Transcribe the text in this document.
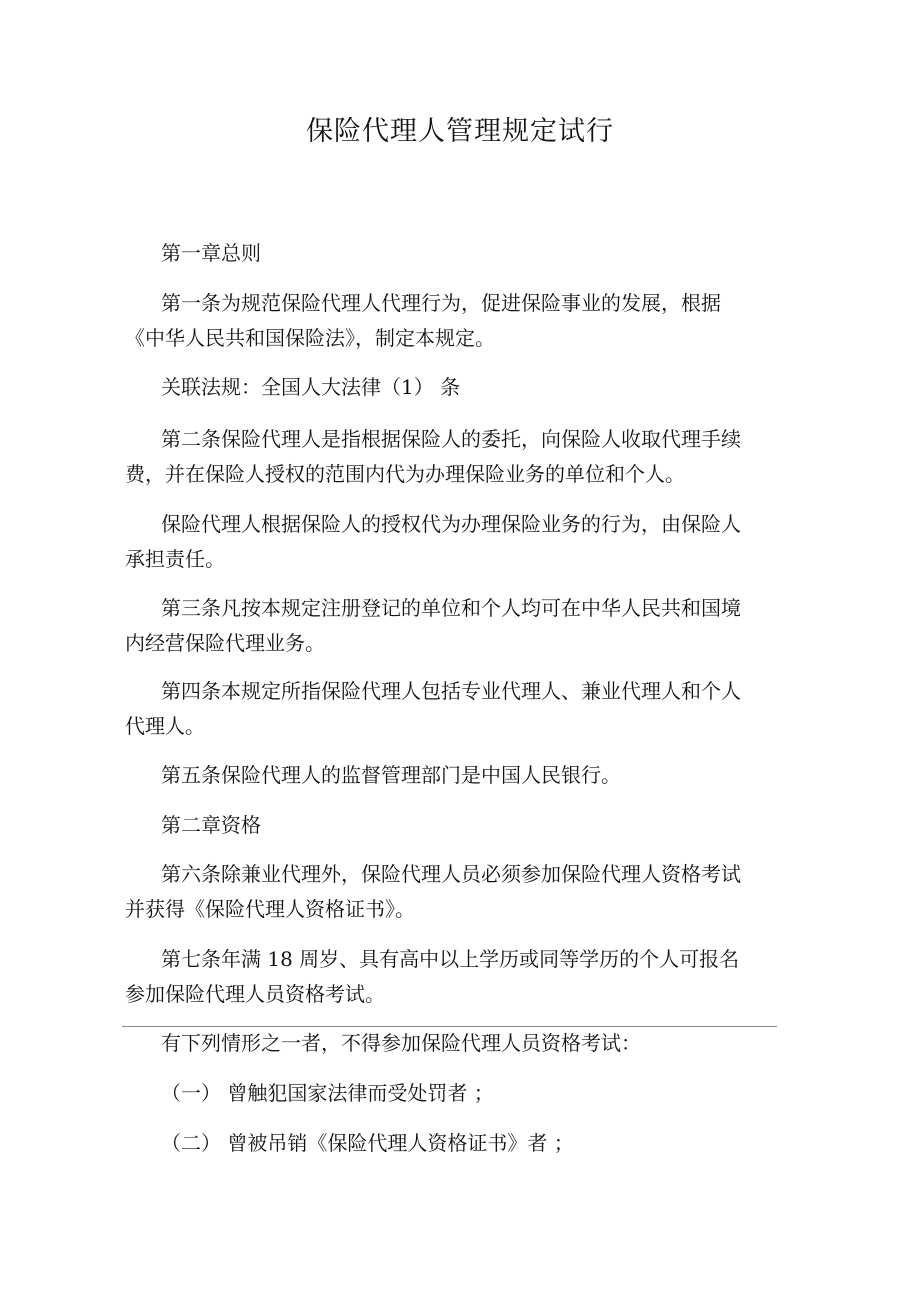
保险代理人管理规定试行

第一章总则

第一条为规范保险代理人代理行为，促进保险事业的发展，根据《中华人民共和国保险法》，制定本规定。

关联法规：全国人大法律（1） 条

第二条保险代理人是指根据保险人的委托，向保险人收取代理手续费，并在保险人授权的范围内代为办理保险业务的单位和个人。

保险代理人根据保险人的授权代为办理保险业务的行为，由保险人承担责任。

第三条凡按本规定注册登记的单位和个人均可在中华人民共和国境内经营保险代理业务。

第四条本规定所指保险代理人包括专业代理人、兼业代理人和个人代理人。

第五条保险代理人的监督管理部门是中国人民银行。

第二章资格

第六条除兼业代理外，保险代理人员必须参加保险代理人资格考试并获得《保险代理人资格证书》。

第七条年满 18 周岁、具有高中以上学历或同等学历的个人可报名参加保险代理人员资格考试。

有下列情形之一者，不得参加保险代理人员资格考试：

（一） 曾触犯国家法律而受处罚者 ；

（二） 曾被吊销《保险代理人资格证书》者 ；
